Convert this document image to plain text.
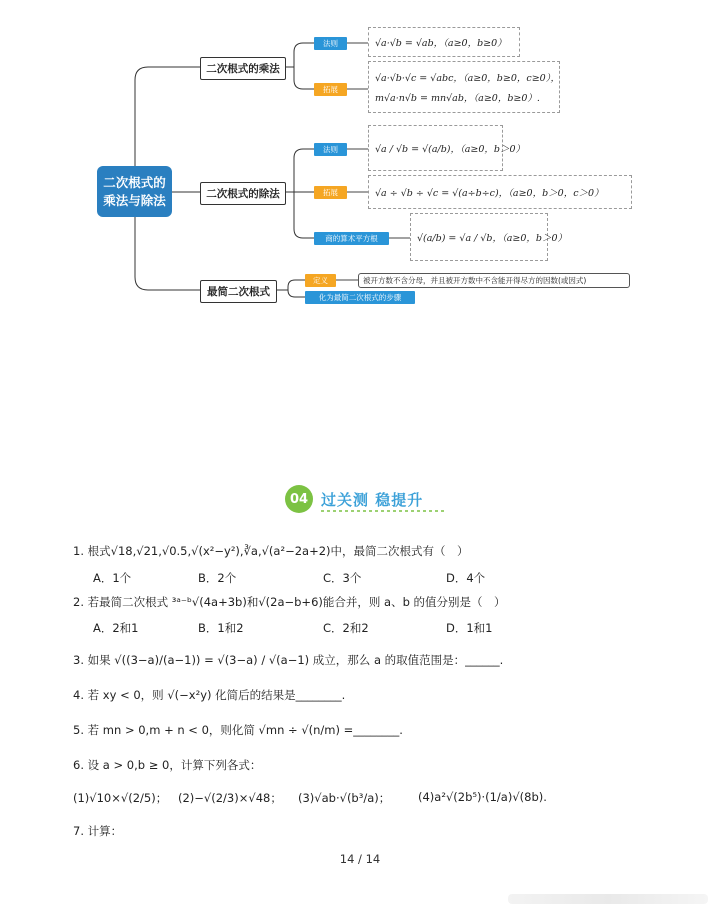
二次根式的乘法与除法
二次根式的乘法
二次根式的除法
最简二次根式
法则	√a·√b = √ab，（a≥0，b≥0）
拓展
√a·√b·√c = √abc，（a≥0，b≥0，c≥0），
m√a·n√b = mn√ab，（a≥0，b≥0）.
法则	√a / √b = √(a/b)，（a≥0，b＞0）
拓展	√a ÷ √b ÷ √c = √(a÷b÷c)，（a≥0，b＞0，c＞0）
商的算术平方根	√(a/b) = √a / √b，（a≥0，b＞0）
定义	被开方数不含分母，并且被开方数中不含能开得尽方的因数(或因式)
化为最简二次根式的步骤
04 过关测 稳提升
1. 根式√18,√21,√0.5,√(x²−y²),∛a,√(a²−2a+2)中，最简二次根式有（　）
A．1个	B．2个	C．3个	D．4个
2. 若最简二次根式 ³ᵃ⁻ᵇ√(4a+3b)和√(2a−b+6)能合并，则 a、b 的值分别是（　）
A．2和1	B．1和2	C．2和2	D．1和1
3. 如果 √((3−a)/(a−1)) = √(3−a) / √(a−1) 成立，那么 a 的取值范围是：______.
4. 若 xy < 0，则 √(−x²y) 化简后的结果是________.
5. 若 mn > 0,m + n < 0，则化简 √mn ÷ √(n/m) =________.
6. 设 a > 0,b ≥ 0，计算下列各式：
(1)√10×√(2/5)； (2)−√(2/3)×√48； (3)√ab·√(b³/a)； (4)a²√(2b⁵)·(1/a)√(8b).
7. 计算：
14 / 14
